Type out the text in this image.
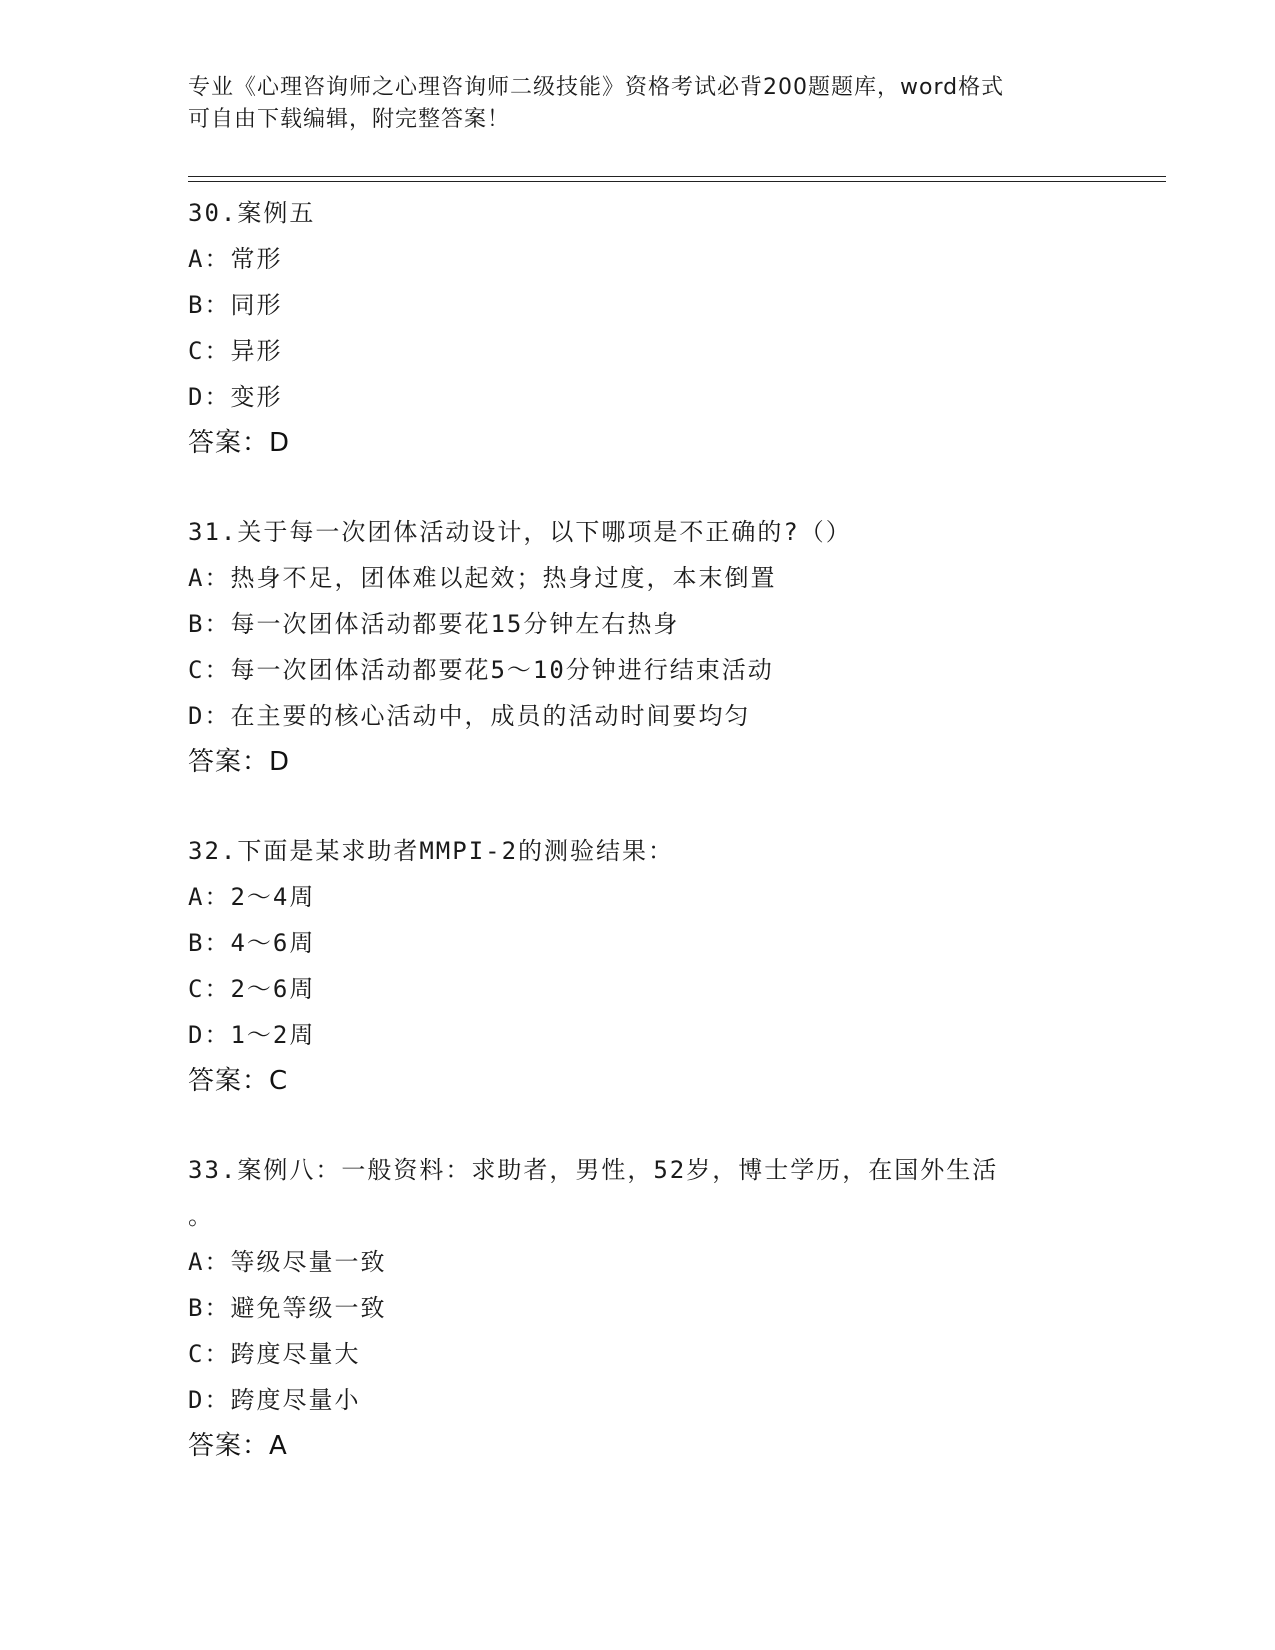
专业《心理咨询师之心理咨询师二级技能》资格考试必背200题题库，word格式
可自由下载编辑，附完整答案！
30.案例五
A：常形
B：同形
C：异形
D：变形
答案：D
31.关于每一次团体活动设计，以下哪项是不正确的?（）
A：热身不足，团体难以起效；热身过度，本末倒置
B：每一次团体活动都要花15分钟左右热身
C：每一次团体活动都要花5～10分钟进行结束活动
D：在主要的核心活动中，成员的活动时间要均匀
答案：D
32.下面是某求助者MMPI-2的测验结果：
A：2～4周
B：4～6周
C：2～6周
D：1～2周
答案：C
33.案例八：一般资料：求助者，男性，52岁，博士学历，在国外生活
。
A：等级尽量一致
B：避免等级一致
C：跨度尽量大
D：跨度尽量小
答案：A
